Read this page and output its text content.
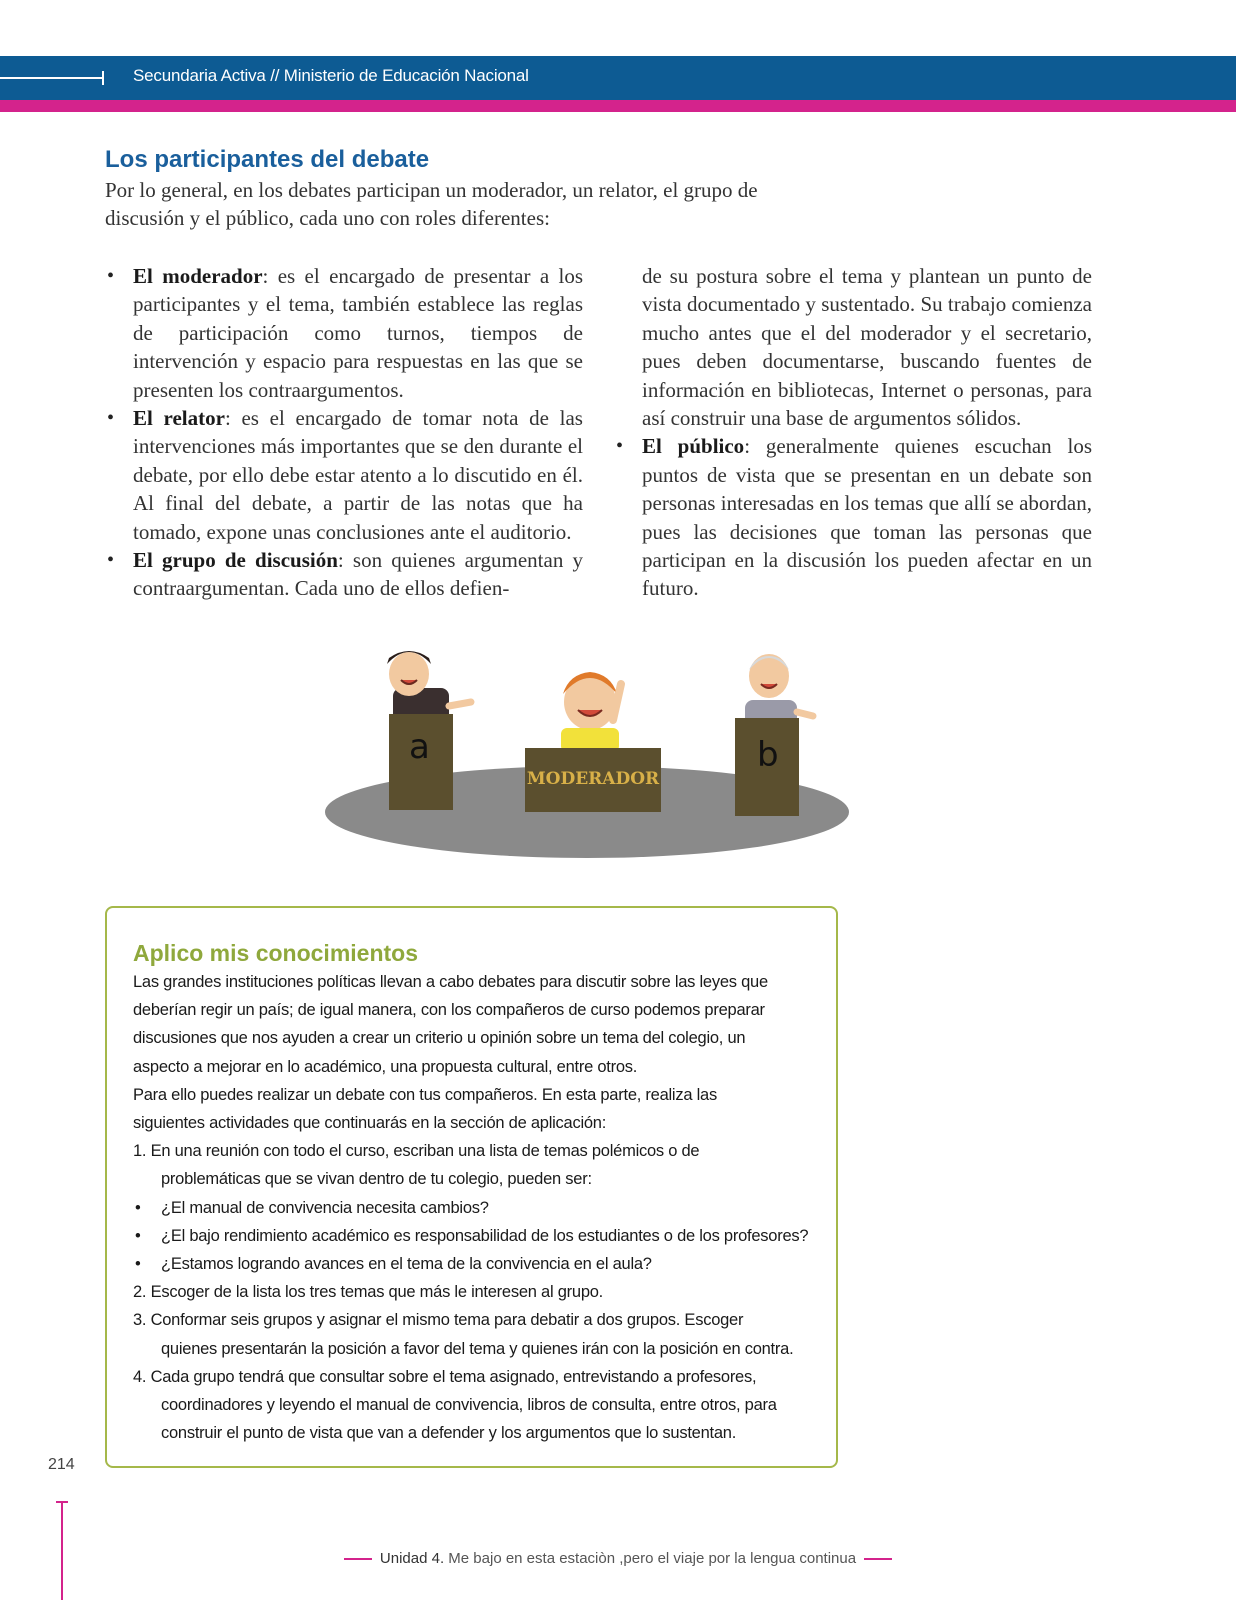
Secundaria Activa // Ministerio de Educación Nacional
Los participantes del debate
Por lo general, en los debates participan un moderador, un relator, el grupo de
discusión y el público, cada uno con roles diferentes:
• El moderador: es el encargado de presentar a los participantes y el tema, también establece las reglas de participación como turnos, tiempos de intervención y espacio para respuestas en las que se presenten los contraargumentos.
• El relator: es el encargado de tomar nota de las intervenciones más importantes que se den durante el debate, por ello debe estar atento a lo discutido en él. Al final del debate, a partir de las notas que ha tomado, expone unas conclusiones ante el auditorio.
• El grupo de discusión: son quienes argumentan y contraargumentan. Cada uno de ellos defien-

de su postura sobre el tema y plantean un punto de vista documentado y sustentado. Su trabajo comienza mucho antes que el del moderador y el secretario, pues deben documentarse, buscando fuentes de información en bibliotecas, Internet o personas, para así construir una base de argumentos sólidos.

• El público: generalmente quienes escuchan los puntos de vista que se presentan en un debate son personas interesadas en los temas que allí se abordan, pues las decisiones que toman las personas que participan en la discusión los pueden afectar en un futuro.
a
MODERADOR
b
Aplico mis conocimientos

Las grandes instituciones políticas llevan a cabo debates para discutir sobre las leyes que

deberían regir un país; de igual manera, con los compañeros de curso podemos preparar

discusiones que nos ayuden a crear un criterio u opinión sobre un tema del colegio, un

aspecto a mejorar en lo académico, una propuesta cultural, entre otros.

Para ello puedes realizar un debate con tus compañeros. En esta parte, realiza las

siguientes actividades que continuarás en la sección de aplicación:

1. En una reunión con todo el curso, escriban una lista de temas polémicos o de

problemáticas que se vivan dentro de tu colegio, pueden ser:

• ¿El manual de convivencia necesita cambios?

• ¿El bajo rendimiento académico es responsabilidad de los estudiantes o de los profesores?

• ¿Estamos logrando avances en el tema de la convivencia en el aula?

2. Escoger de la lista los tres temas que más le interesen al grupo.

3. Conformar seis grupos y asignar el mismo tema para debatir a dos grupos. Escoger

quienes presentarán la posición a favor del tema y quienes irán con la posición en contra.

4. Cada grupo tendrá que consultar sobre el tema asignado, entrevistando a profesores,

coordinadores y leyendo el manual de convivencia, libros de consulta, entre otros, para

construir el punto de vista que van a defender y los argumentos que lo sustentan.

214
Unidad 4. Me bajo en esta estaciòn ,pero el viaje por la lengua continua
